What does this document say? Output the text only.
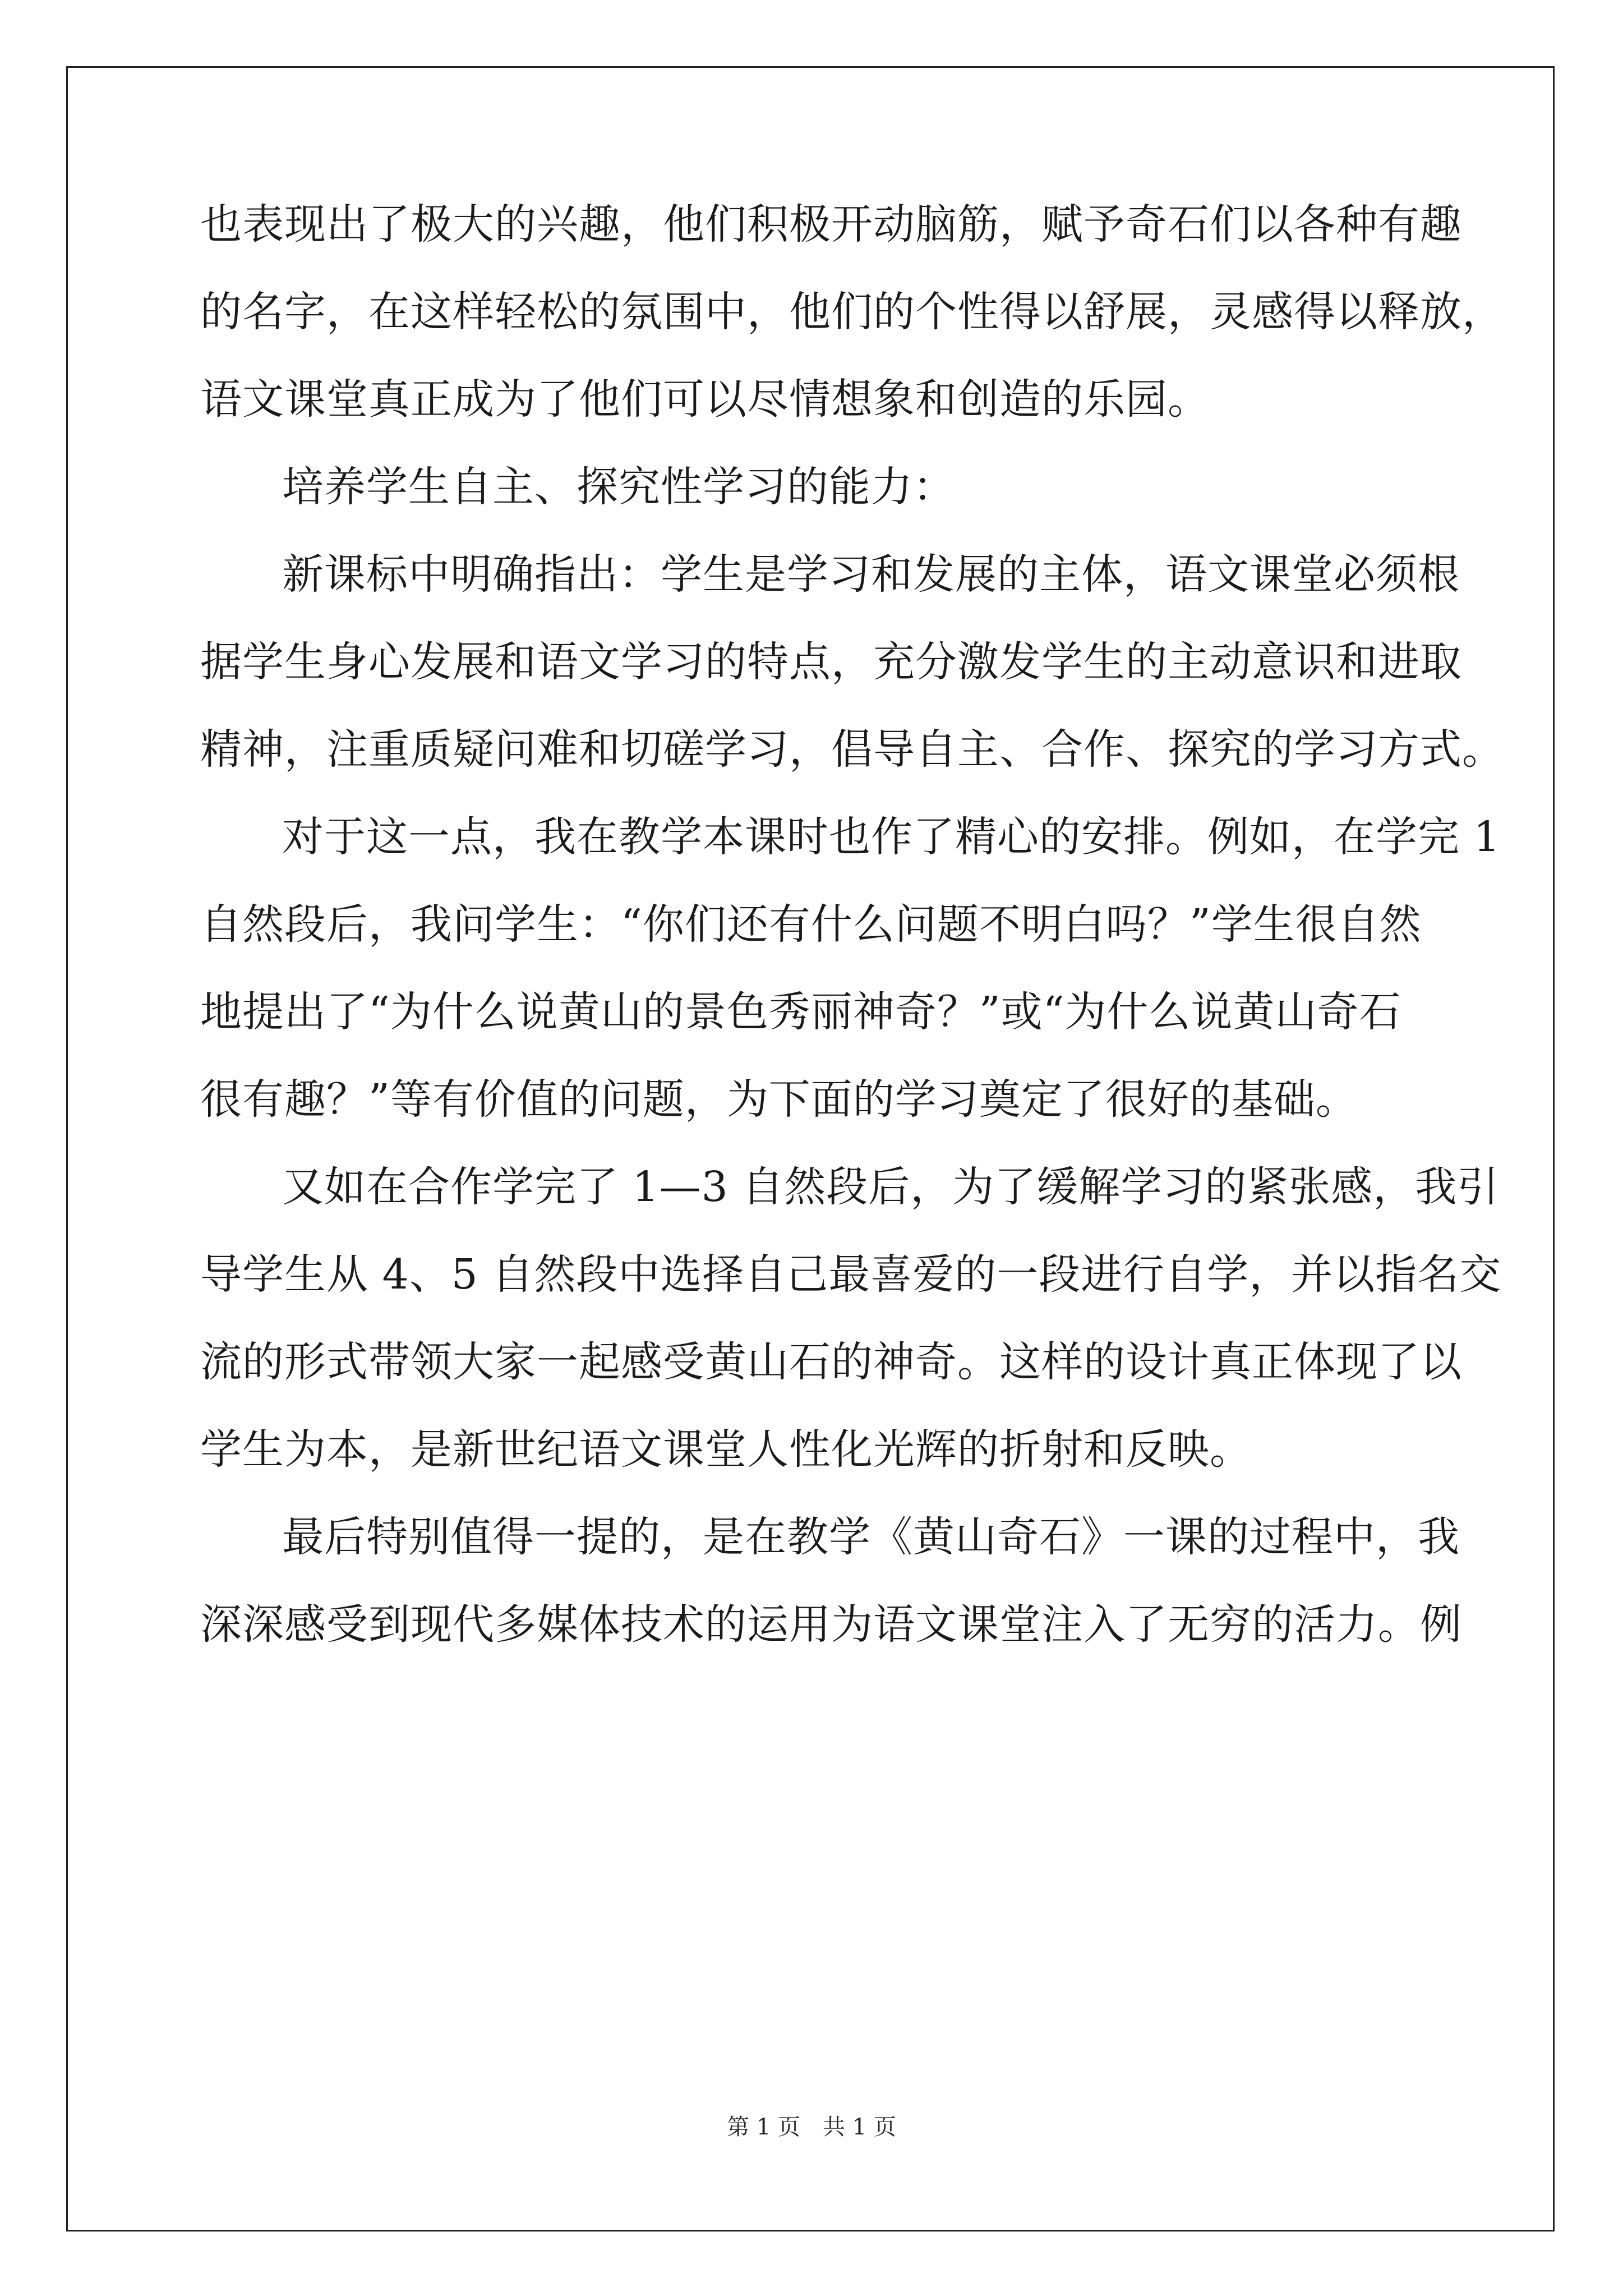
也表现出了极大的兴趣，他们积极开动脑筋，赋予奇石们以各种有趣
的名字，在这样轻松的氛围中，他们的个性得以舒展，灵感得以释放，
语文课堂真正成为了他们可以尽情想象和创造的乐园。
培养学生自主、探究性学习的能力：
新课标中明确指出：学生是学习和发展的主体，语文课堂必须根
据学生身心发展和语文学习的特点，充分激发学生的主动意识和进取
精神，注重质疑问难和切磋学习，倡导自主、合作、探究的学习方式。
对于这一点，我在教学本课时也作了精心的安排。例如，在学完 1
自然段后，我问学生：“你们还有什么问题不明白吗？”学生很自然
地提出了“为什么说黄山的景色秀丽神奇？”或“为什么说黄山奇石
很有趣？”等有价值的问题，为下面的学习奠定了很好的基础。
又如在合作学完了 1—3 自然段后，为了缓解学习的紧张感，我引
导学生从 4、5 自然段中选择自己最喜爱的一段进行自学，并以指名交
流的形式带领大家一起感受黄山石的神奇。这样的设计真正体现了以
学生为本，是新世纪语文课堂人性化光辉的折射和反映。
最后特别值得一提的，是在教学《黄山奇石》一课的过程中，我
深深感受到现代多媒体技术的运用为语文课堂注入了无穷的活力。例
第 1 页　共 1 页
